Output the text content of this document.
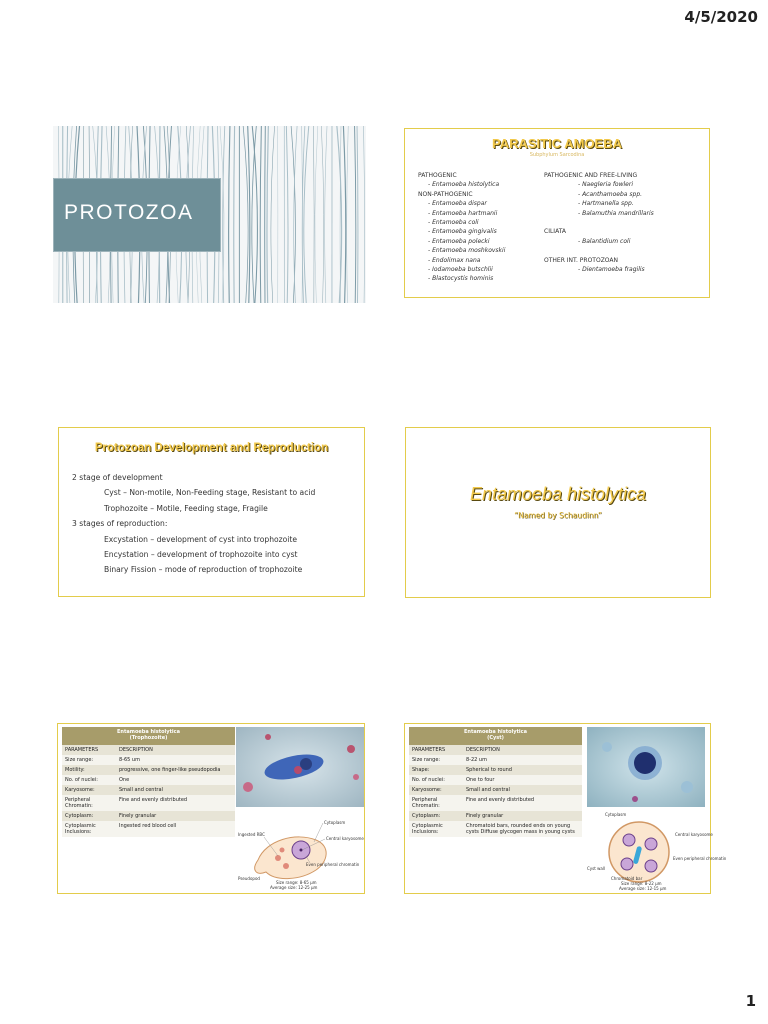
4/5/2020
PROTOZOA
PARASITIC AMOEBA
Subphylum Sarcodina
PATHOGENIC
- Entamoeba histolytica
NON-PATHOGENIC
- Entamoeba dispar
- Entamoeba hartmanii
- Entamoeba coli
- Entamoeba gingivalis
- Entamoeba polecki
- Entamoeba moshkovskii
- Endolimax nana
- Iodamoeba butschlii
- Blastocystis hominis
PATHOGENIC AND FREE-LIVING
- Naegleria fowleri
- Acanthamoeba spp.
- Hartmanella spp.
- Balamuthia mandrillaris

CILIATA
- Balantidium coli

OTHER INT. PROTOZOAN
- Dientamoeba fragilis
Protozoan Development and Reproduction
2 stage of development
Cyst – Non-motile, Non-Feeding stage, Resistant to acid
Trophozoite – Motile, Feeding stage, Fragile
3 stages of reproduction:
Excystation – development of cyst into trophozoite
Encystation – development of trophozoite into cyst
Binary Fission – mode of reproduction of trophozoite
Entamoeba histolytica
“Named by Schaudinn”
Entamoeba histolytica
(Trophozoite)	

PARAMETERS	DESCRIPTION
Size range:	8-65 um
Motility:	progressive, one finger-like pseudopodia
No. of nuclei:	One
Karyosome:	Small and central
Peripheral Chromatin:	Fine and evenly distributed
Cytoplasm:	Finely granular
Cytoplasmic Inclusions:	Ingested red blood cell
Ingested RBC
Cytoplasm
Central karyosome
Even peripheral chromatin
Pseudopod
Size range: 8-65 μm
Average size: 12-25 μm
Entamoeba histolytica
(Cyst)	

PARAMETERS	DESCRIPTION
Size range:	8-22 um
Shape:	Spherical to round
No. of nuclei:	One to four
Karyosome:	Small and central
Peripheral Chromatin:	Fine and evenly distributed
Cytoplasm:	Finely granular
Cytoplasmic Inclusions:	Chromatoid bars, rounded ends on young cysts Diffuse glycogen mass in young cysts
Cytoplasm
Central karyosome
Cyst wall
Even peripheral chromatin
Chromatoid bar
Size range: 8-22 μm
Average size: 12-15 μm
1
